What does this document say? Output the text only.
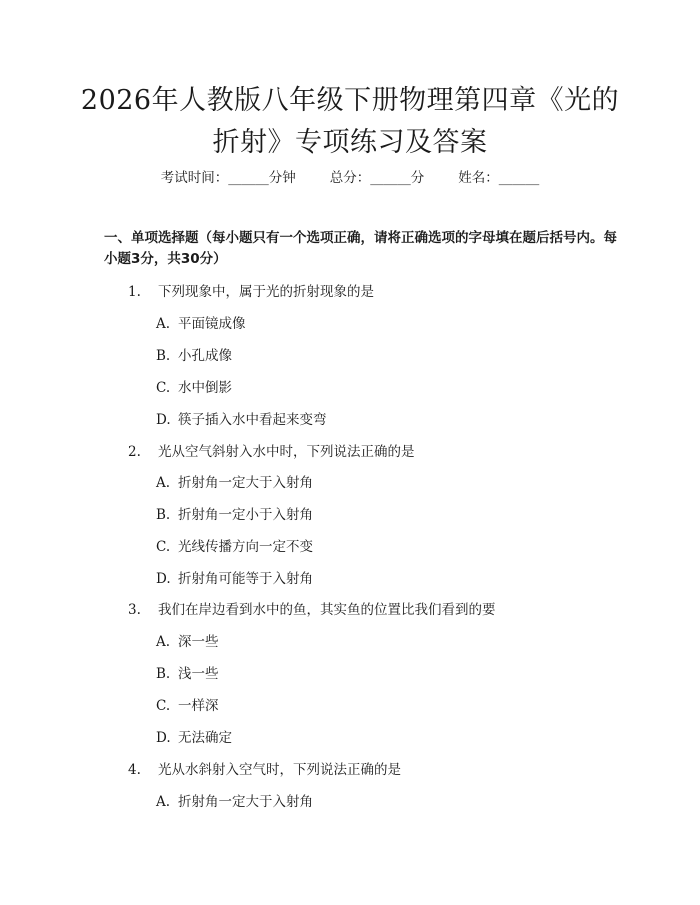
2026年人教版八年级下册物理第四章《光的
折射》专项练习及答案
考试时间：______分钟	总分：______分	姓名：______
一、单项选择题（每小题只有一个选项正确，请将正确选项的字母填在题后括号内。每小题3分，共30分）
1. 下列现象中，属于光的折射现象的是
A. 平面镜成像
B. 小孔成像
C. 水中倒影
D. 筷子插入水中看起来变弯
2. 光从空气斜射入水中时，下列说法正确的是
A. 折射角一定大于入射角
B. 折射角一定小于入射角
C. 光线传播方向一定不变
D. 折射角可能等于入射角
3. 我们在岸边看到水中的鱼，其实鱼的位置比我们看到的要
A. 深一些
B. 浅一些
C. 一样深
D. 无法确定
4. 光从水斜射入空气时，下列说法正确的是
A. 折射角一定大于入射角
